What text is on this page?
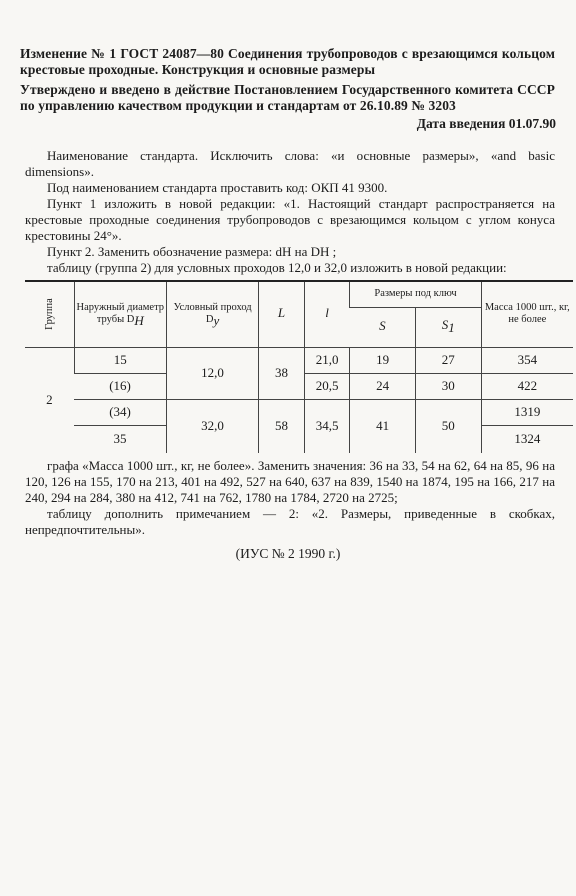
Изменение № 1 ГОСТ 24087—80 Соединения трубопроводов с врезающимся кольцом крестовые проходные. Конструкция и основные размеры
Утверждено и введено в действие Постановлением Государственного комитета СССР по управлению качеством продукции и стандартам от 26.10.89 № 3203
Дата введения 01.07.90

Наименование стандарта. Исключить слова: «и основные размеры», «and basic dimensions».

Под наименованием стандарта проставить код: ОКП 41 9300.

Пункт 1 изложить в новой редакции: «1. Настоящий стандарт распространяется на крестовые проходные соединения трубопроводов с врезающимся кольцом с углом конуса крестовины 24°».

Пункт 2. Заменить обозначение размера: dН на DН ;

таблицу (группа 2) для условных проходов 12,0 и 32,0 изложить в новой редакции:

Группа	Наружный диаметр трубы $D_Н$	Условный проход $D_у$	L	l	Размеры под ключ		Масса 1000 шт., кг, не более
					S	$S_1$
2	15	12,0	38	21,0	19	27	354
	(16)			20,5	24	30	422
	(34)	32,0	58	34,5	41	50	1319
	35						1324

графа «Масса 1000 шт., кг, не более». Заменить значения: 36 на 33, 54 на 62, 64 на 85, 96 на 120, 126 на 155, 170 на 213, 401 на 492, 527 на 640, 637 на 839, 1540 на 1874, 195 на 166, 217 на 240, 294 на 284, 380 на 412, 741 на 762, 1780 на 1784, 2720 на 2725;

таблицу дополнить примечанием — 2: «2. Размеры, приведенные в скобках, непредпочтительны».

(ИУС № 2 1990 г.)
